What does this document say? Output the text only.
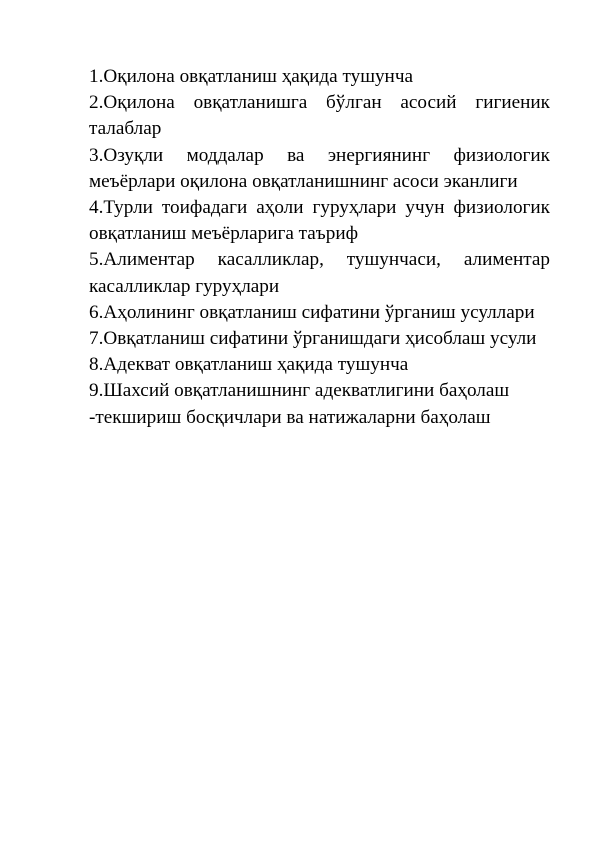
1.Оқилона овқатланиш ҳақида тушунча

2.Оқилона овқатланишга бўлган асосий гигиеник талаблар

3.Озуқли моддалар ва энергиянинг физиологик меъёрлари оқилона овқатланишнинг асоси эканлиги

4.Турли тоифадаги аҳоли гуруҳлари учун физиологик овқатланиш меъёрларига таъриф

5.Алиментар касалликлар, тушунчаси, алиментар касалликлар гуруҳлари

6.Аҳолининг овқатланиш сифатини ўрганиш усуллари

7.Овқатланиш сифатини ўрганишдаги ҳисоблаш усули

8.Адекват овқатланиш ҳақида тушунча

9.Шахсий овқатланишнинг адекватлигини баҳолаш

-текшириш босқичлари ва натижаларни баҳолаш
